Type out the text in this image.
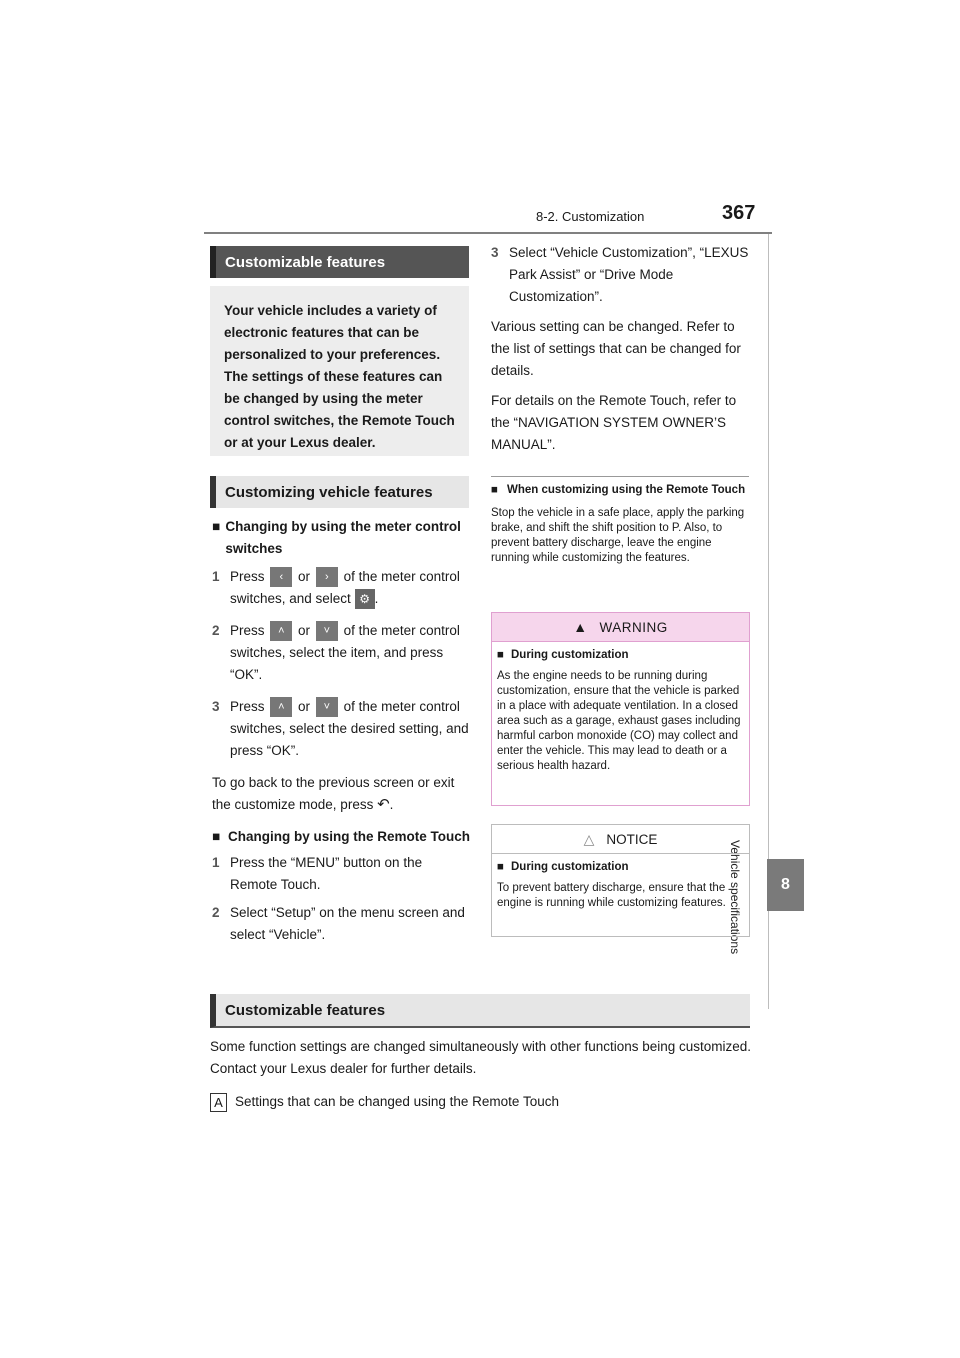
8-2. Customization	367
8
Vehicle specifications
Customizable features
Your vehicle includes a variety of electronic features that can be personalized to your preferences. The settings of these features can be changed by using the meter control switches, the Remote Touch or at your Lexus dealer.
Customizing vehicle features
■ Changing by using the meter control switches
1 Press ‹ or › of the meter control switches, and select ⚙ .
2 Press ˄ or ˅ of the meter control switches, select the item, and press “OK”.
3 Press ˄ or ˅ of the meter control switches, select the desired setting, and press “OK”.
To go back to the previous screen or exit the customize mode, press ↶.
■ Changing by using the Remote Touch
1 Press the “MENU” button on the Remote Touch.
2 Select “Setup” on the menu screen and select “Vehicle”.
3 Select “Vehicle Customization”, “LEXUS Park Assist” or “Drive Mode Customization”.
Various setting can be changed. Refer to the list of settings that can be changed for details.
For details on the Remote Touch, refer to the “NAVIGATION SYSTEM OWNER’S MANUAL”.
■ When customizing using the Remote Touch
Stop the vehicle in a safe place, apply the parking brake, and shift the shift position to P. Also, to prevent battery discharge, leave the engine running while customizing the features.
▲ WARNING
■ During customization
As the engine needs to be running during customization, ensure that the vehicle is parked in a place with adequate ventilation. In a closed area such as a garage, exhaust gases including harmful carbon monoxide (CO) may collect and enter the vehicle. This may lead to death or a serious health hazard.
△ NOTICE
■ During customization
To prevent battery discharge, ensure that the engine is running while customizing features.
Customizable features
Some function settings are changed simultaneously with other functions being customized. Contact your Lexus dealer for further details.
A Settings that can be changed using the Remote Touch
